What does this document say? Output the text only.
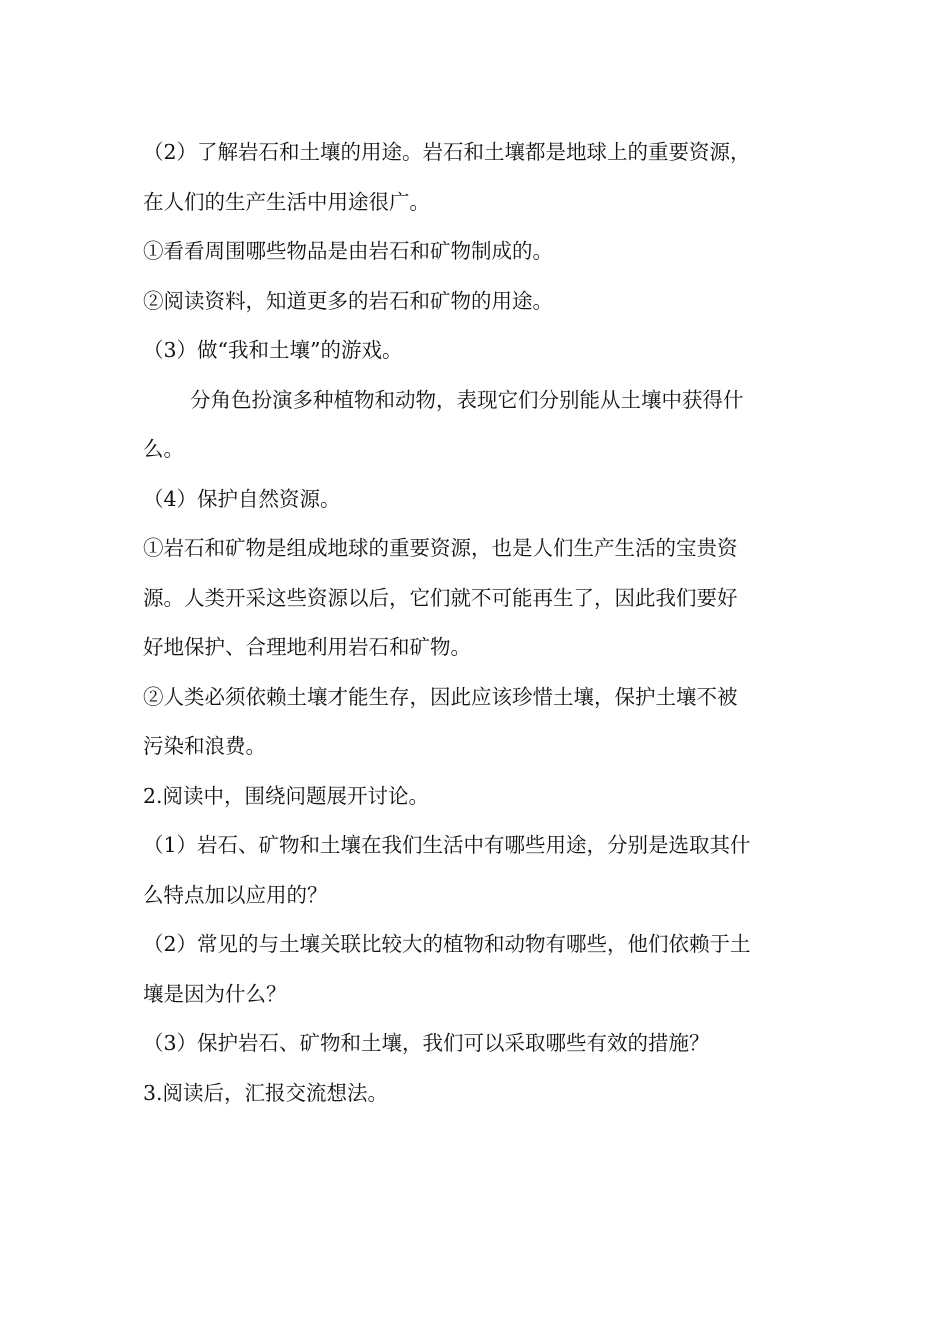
（2）了解岩石和土壤的用途。岩石和土壤都是地球上的重要资源，
在人们的生产生活中用途很广。
①看看周围哪些物品是由岩石和矿物制成的。
②阅读资料，知道更多的岩石和矿物的用途。
（3）做“我和土壤”的游戏。
分角色扮演多种植物和动物，表现它们分别能从土壤中获得什
么。
（4）保护自然资源。
①岩石和矿物是组成地球的重要资源，也是人们生产生活的宝贵资
源。人类开采这些资源以后，它们就不可能再生了，因此我们要好
好地保护、合理地利用岩石和矿物。
②人类必须依赖土壤才能生存，因此应该珍惜土壤，保护土壤不被
污染和浪费。
2.阅读中，围绕问题展开讨论。
（1）岩石、矿物和土壤在我们生活中有哪些用途，分别是选取其什
么特点加以应用的？
（2）常见的与土壤关联比较大的植物和动物有哪些，他们依赖于土
壤是因为什么？
（3）保护岩石、矿物和土壤，我们可以采取哪些有效的措施？
3.阅读后，汇报交流想法。
